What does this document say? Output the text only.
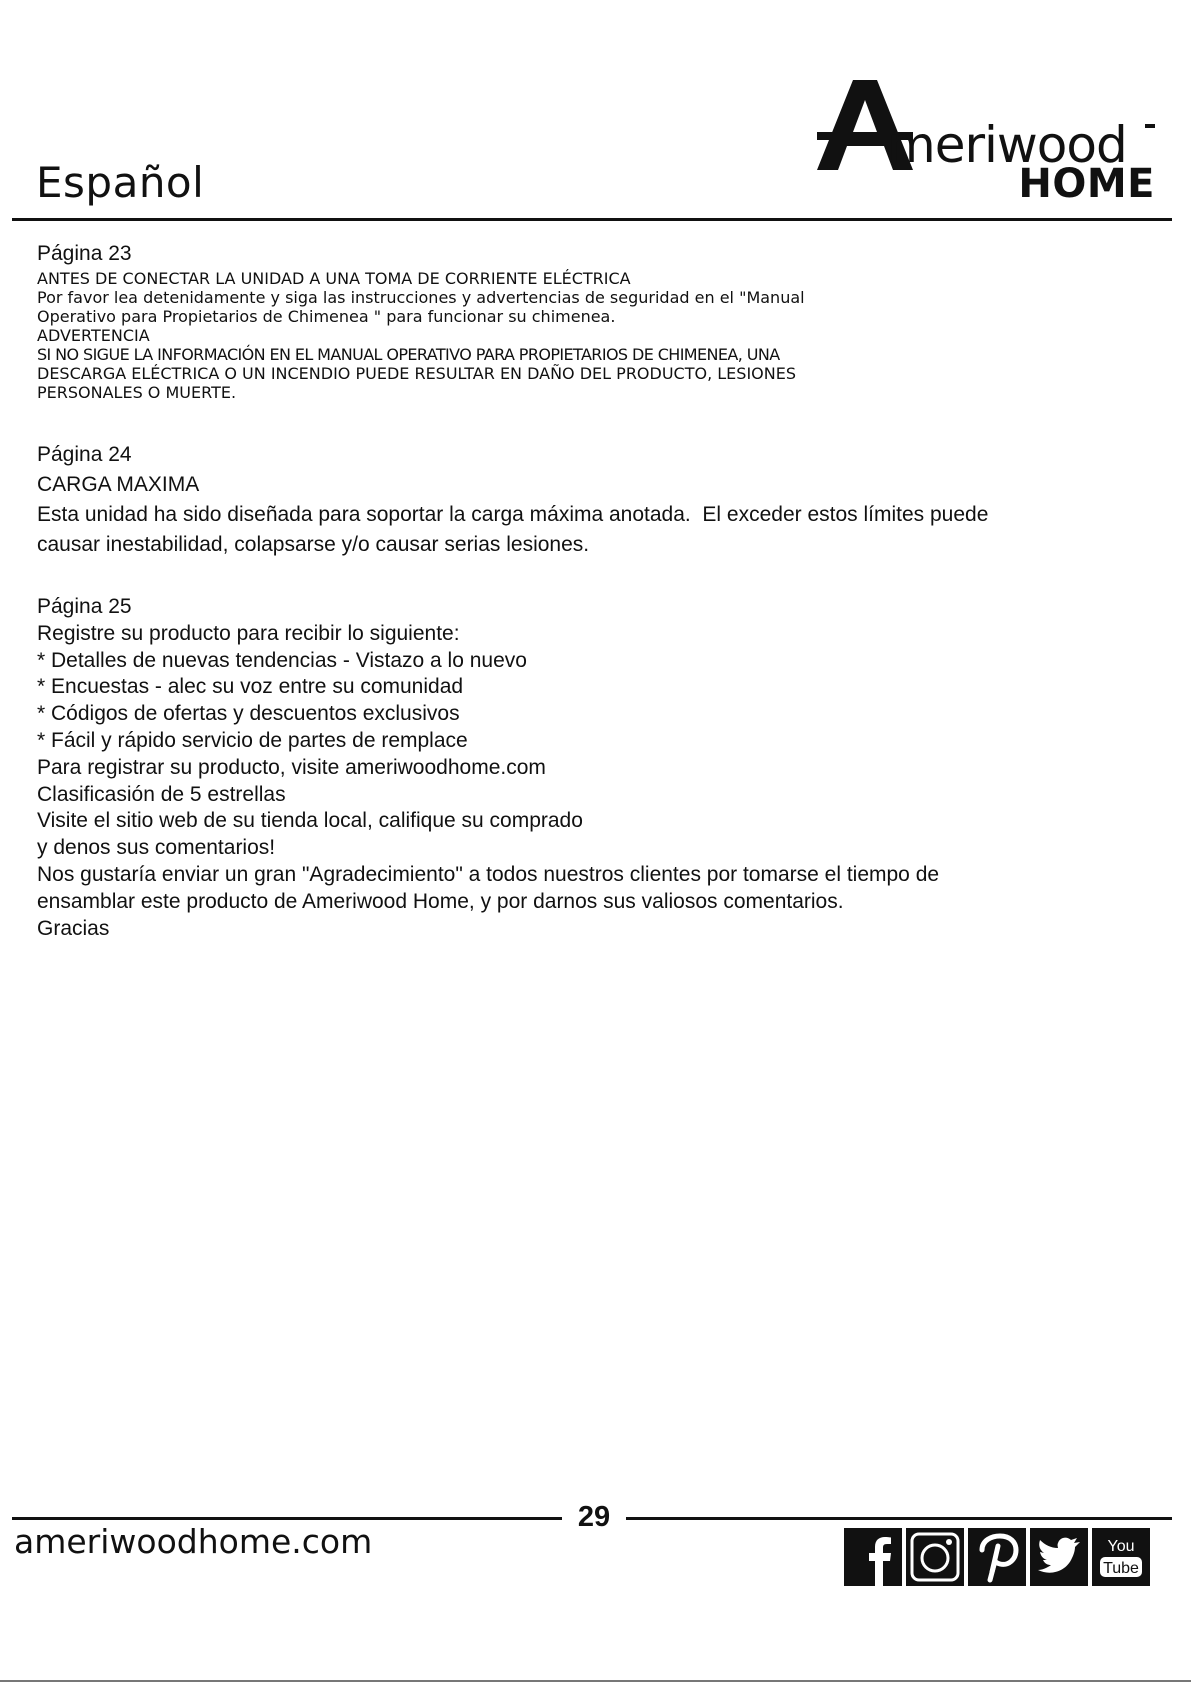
Español
meriwood
HOME
Página 23
ANTES DE CONECTAR LA UNIDAD A UNA TOMA DE CORRIENTE ELÉCTRICA
Por favor lea detenidamente y siga las instrucciones y advertencias de seguridad en el "Manual
Operativo para Propietarios de Chimenea " para funcionar su chimenea.
ADVERTENCIA
SI NO SIGUE LA INFORMACIÓN EN EL MANUAL OPERATIVO PARA PROPIETARIOS DE CHIMENEA, UNA
DESCARGA ELÉCTRICA O UN INCENDIO PUEDE RESULTAR EN DAÑO DEL PRODUCTO, LESIONES
PERSONALES O MUERTE.
Página 24
CARGA MAXIMA
Esta unidad ha sido diseñada para soportar la carga máxima anotada.  El exceder estos límites puede
causar inestabilidad, colapsarse y/o causar serias lesiones.
Página 25
Registre su producto para recibir lo siguiente:
* Detalles de nuevas tendencias - Vistazo a lo nuevo
* Encuestas - alec su voz entre su comunidad
* Códigos de ofertas y descuentos exclusivos
* Fácil y rápido servicio de partes de remplace
Para registrar su producto, visite ameriwoodhome.com
Clasificasión de 5 estrellas
Visite el sitio web de su tienda local, califique su comprado
y denos sus comentarios!
Nos gustaría enviar un gran "Agradecimiento" a todos nuestros clientes por tomarse el tiempo de
ensamblar este producto de Ameriwood Home, y por darnos sus valiosos comentarios.
Gracias
29
ameriwoodhome.com	You
Tube
